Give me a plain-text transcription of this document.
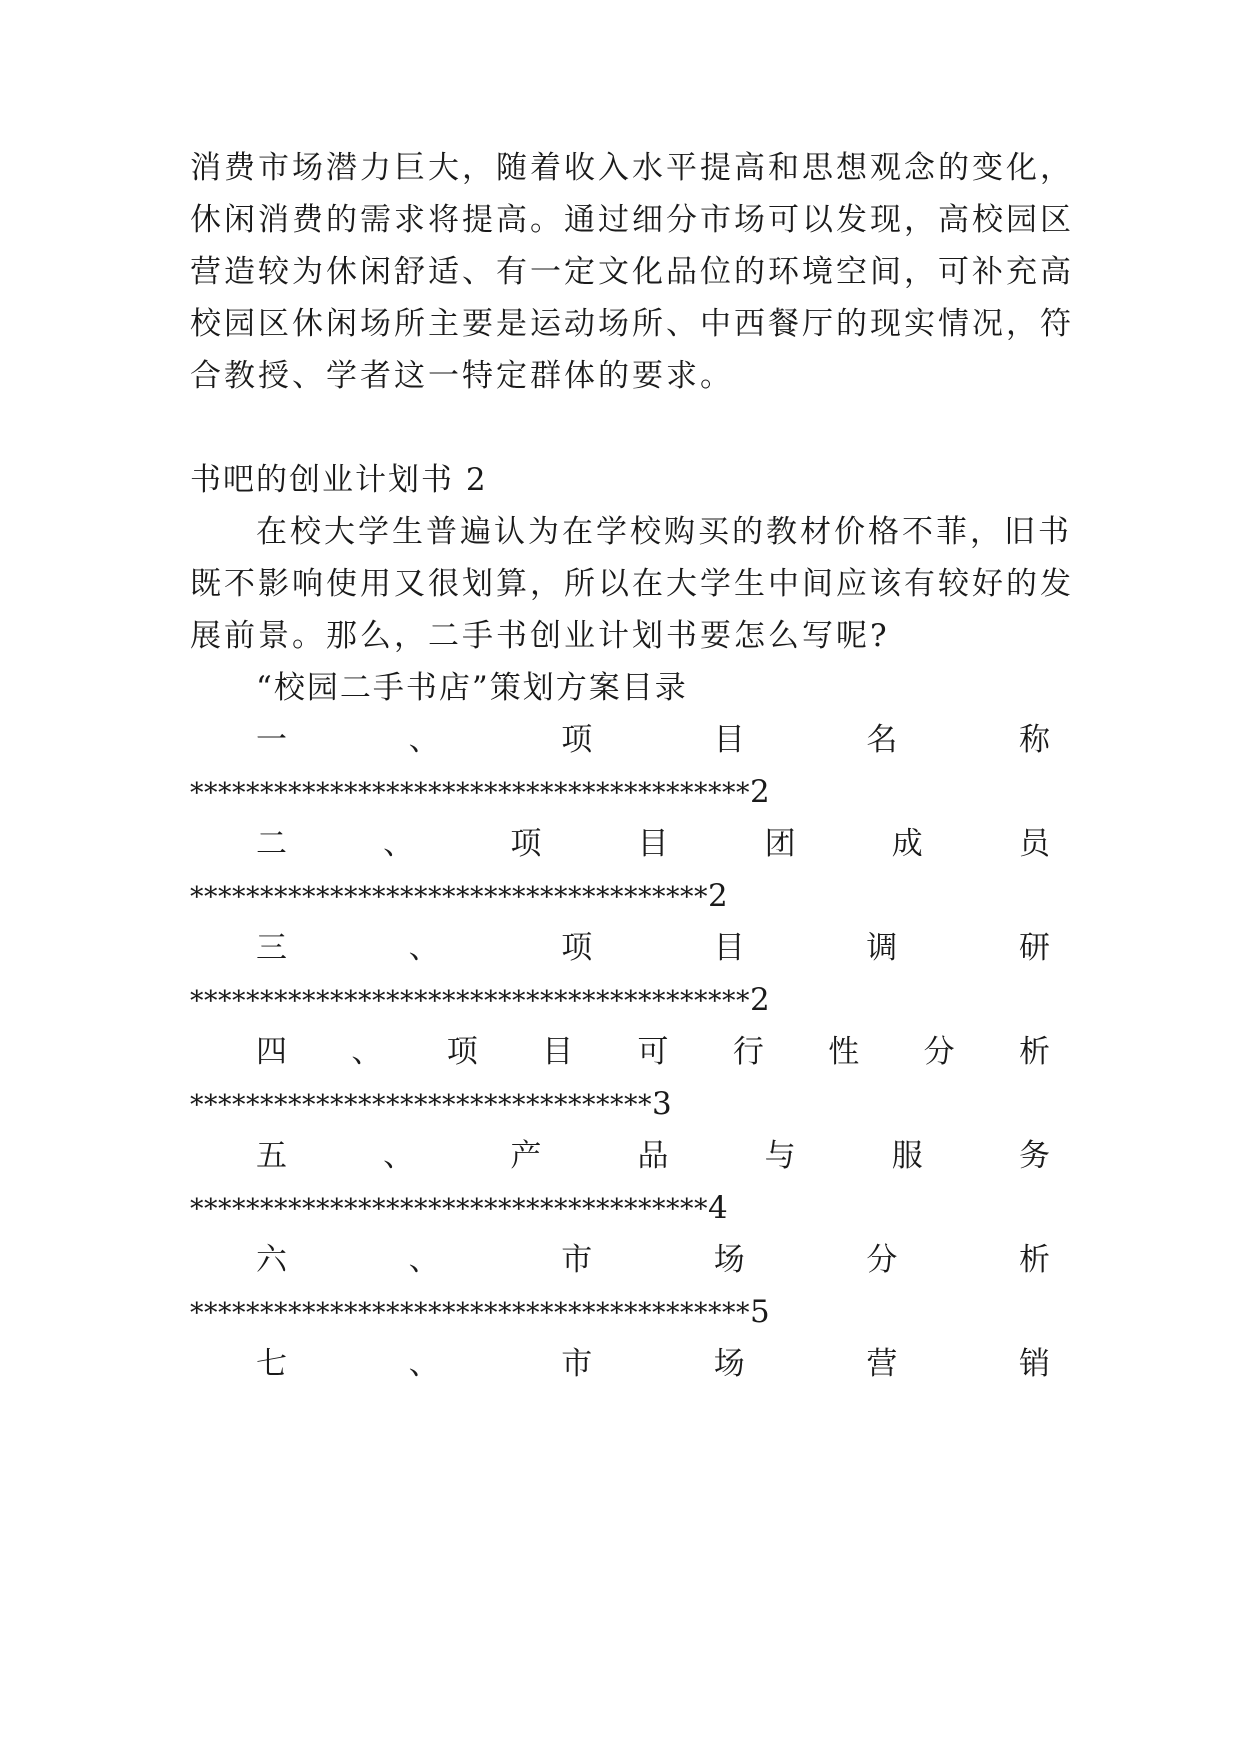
消费市场潜力巨大，随着收入水平提高和思想观念的变化，
休闲消费的需求将提高。通过细分市场可以发现，高校园区
营造较为休闲舒适、有一定文化品位的环境空间，可补充高
校园区休闲场所主要是运动场所、中西餐厅的现实情况，符
合教授、学者这一特定群体的要求。
书吧的创业计划书 2
在校大学生普遍认为在学校购买的教材价格不菲，旧书
既不影响使用又很划算，所以在大学生中间应该有较好的发
展前景。那么，二手书创业计划书要怎么写呢?
“校园二手书店”策划方案目录
一	、	项	目	名	称
****************************************2
二	、	项	目	团	成	员
*************************************2
三	、	项	目	调	研
****************************************2
四 、 项 目 可 行 性 分 析
*********************************3
五	、	产	品	与	服	务
*************************************4
六	、	市	场	分	析
****************************************5
七	、	市	场	营	销
